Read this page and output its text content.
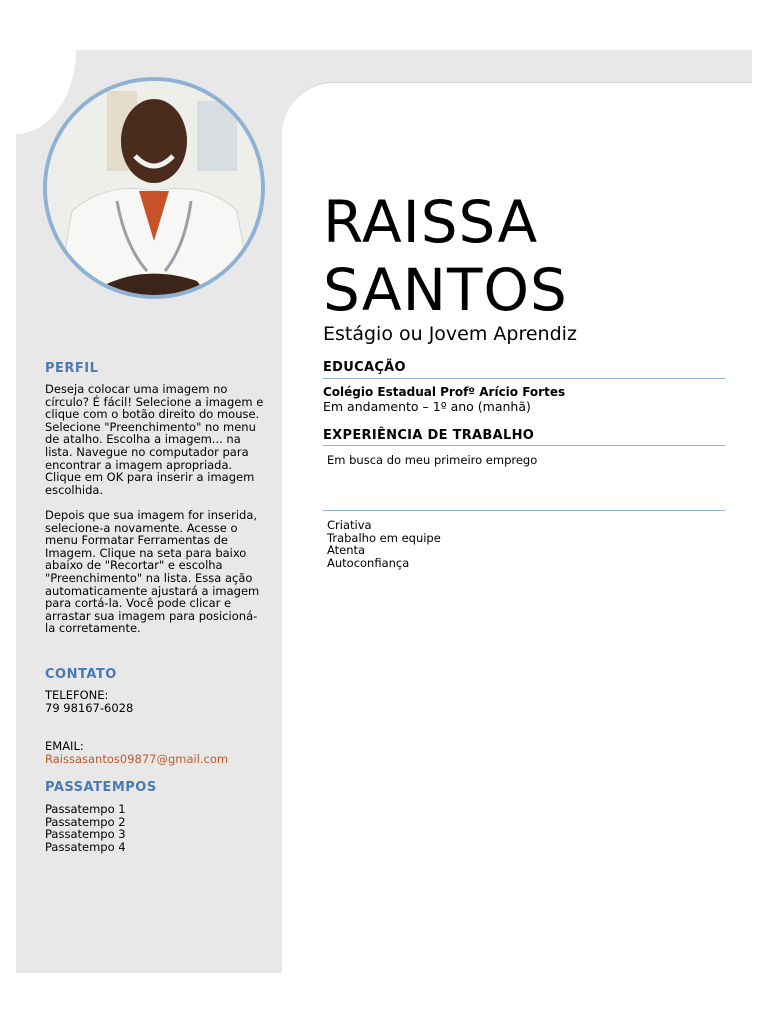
PERFIL

Deseja colocar uma imagem no círculo? É fácil! Selecione a imagem e clique com o botão direito do mouse. Selecione "Preenchimento" no menu de atalho. Escolha a imagem... na lista. Navegue no computador para encontrar a imagem apropriada. Clique em OK para inserir a imagem escolhida.

Depois que sua imagem for inserida, selecione-a novamente. Acesse o menu Formatar Ferramentas de Imagem. Clique na seta para baixo abaixo de "Recortar" e escolha "Preenchimento" na lista. Essa ação automaticamente ajustará a imagem para cortá-la. Você pode clicar e arrastar sua imagem para posicioná-la corretamente.

CONTATO
TELEFONE:
79 98167-6028
EMAIL:
Raissasantos09877@gmail.com
PASSATEMPOS
Passatempo 1
Passatempo 2
Passatempo 3
Passatempo 4
RAISSA
SANTOS
Estágio ou Jovem Aprendiz
EDUCAÇÃO
Colégio Estadual Profº Arício Fortes
Em andamento – 1º ano (manhã)
EXPERIÊNCIA DE TRABALHO
Em busca do meu primeiro emprego
Criativa
Trabalho em equipe
Atenta
Autoconfiança
